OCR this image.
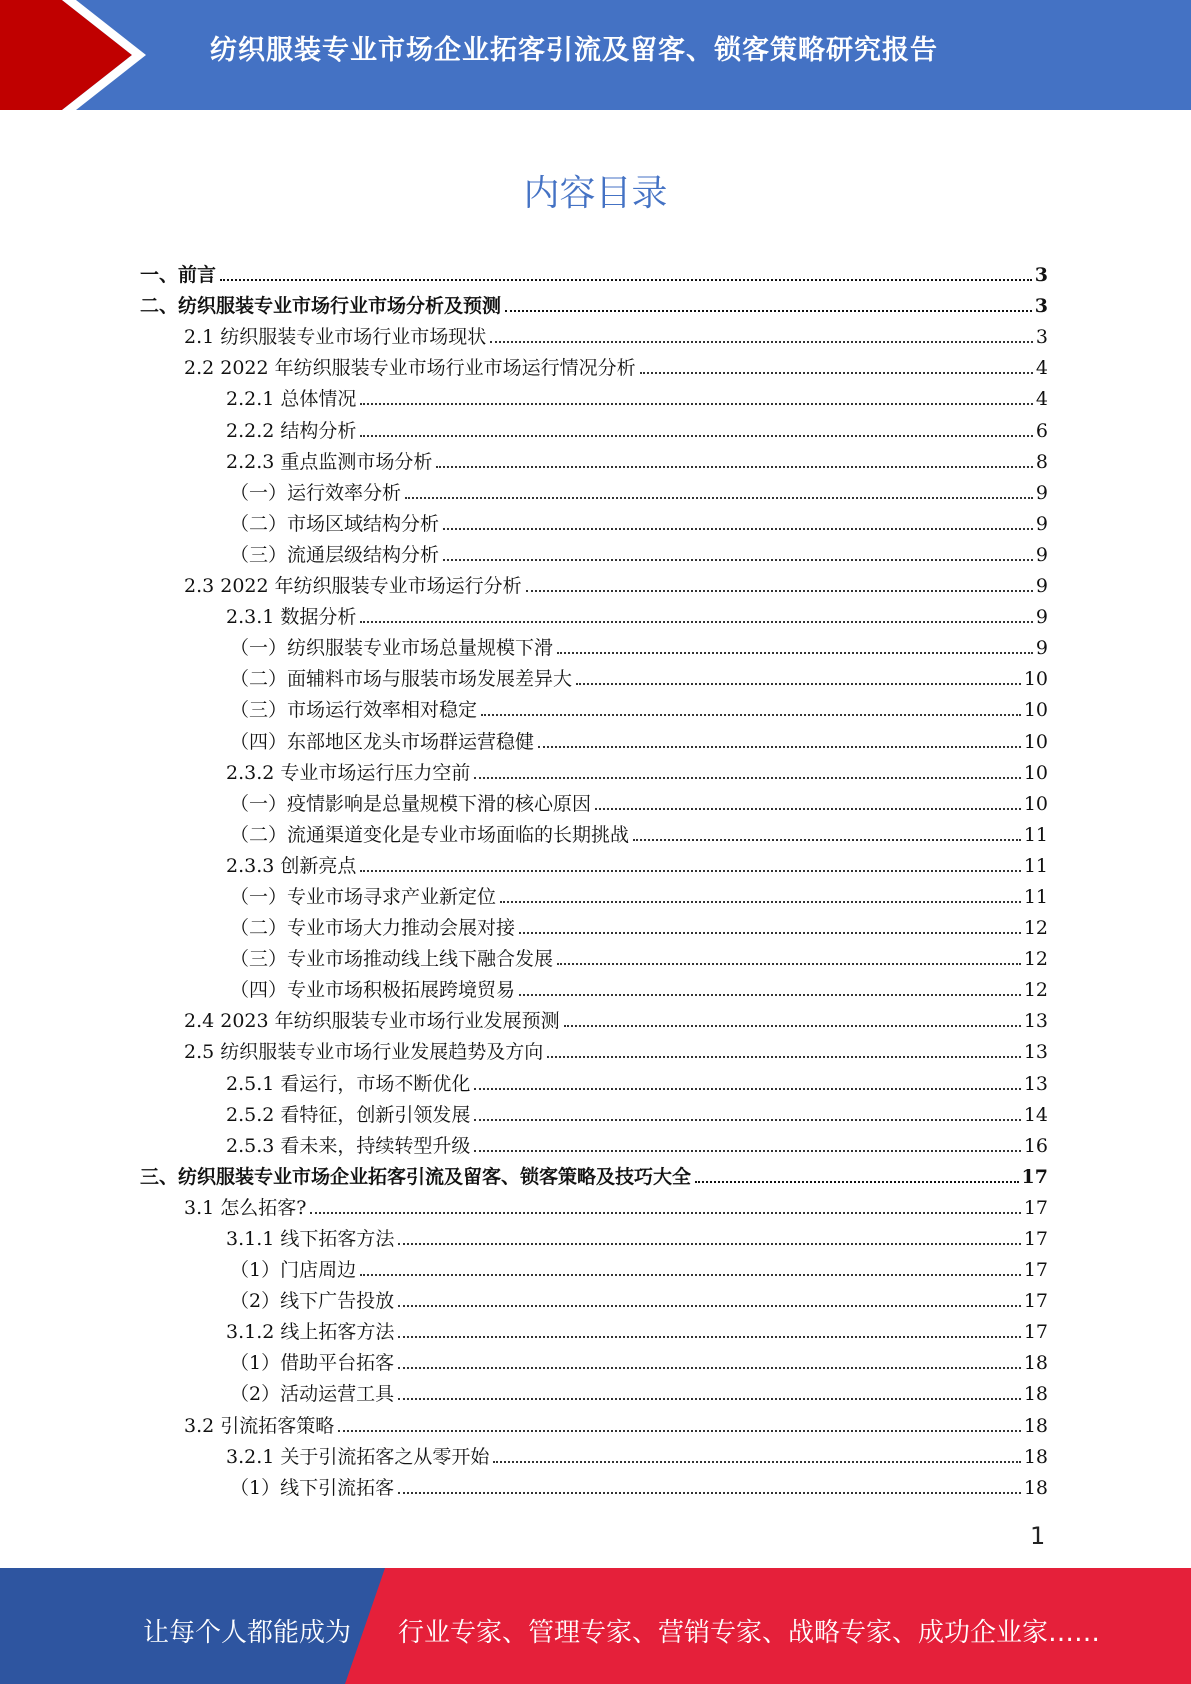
纺织服装专业市场企业拓客引流及留客、锁客策略研究报告
内容目录
一、前言	3
二、纺织服装专业市场行业市场分析及预测	3
2.1 纺织服装专业市场行业市场现状	3
2.2 2022 年纺织服装专业市场行业市场运行情况分析	4
2.2.1 总体情况	4
2.2.2 结构分析	6
2.2.3 重点监测市场分析	8
（一）运行效率分析	9
（二）市场区域结构分析	9
（三）流通层级结构分析	9
2.3 2022 年纺织服装专业市场运行分析	9
2.3.1 数据分析	9
（一）纺织服装专业市场总量规模下滑	9
（二）面辅料市场与服装市场发展差异大	10
（三）市场运行效率相对稳定	10
（四）东部地区龙头市场群运营稳健	10
2.3.2 专业市场运行压力空前	10
（一）疫情影响是总量规模下滑的核心原因	10
（二）流通渠道变化是专业市场面临的长期挑战	11
2.3.3 创新亮点	11
（一）专业市场寻求产业新定位	11
（二）专业市场大力推动会展对接	12
（三）专业市场推动线上线下融合发展	12
（四）专业市场积极拓展跨境贸易	12
2.4 2023 年纺织服装专业市场行业发展预测	13
2.5 纺织服装专业市场行业发展趋势及方向	13
2.5.1 看运行，市场不断优化	13
2.5.2 看特征，创新引领发展	14
2.5.3 看未来，持续转型升级	16
三、纺织服装专业市场企业拓客引流及留客、锁客策略及技巧大全	17
3.1 怎么拓客?	17
3.1.1 线下拓客方法	17
（1）门店周边	17
（2）线下广告投放	17
3.1.2 线上拓客方法	17
（1）借助平台拓客	18
（2）活动运营工具	18
3.2 引流拓客策略	18
3.2.1 关于引流拓客之从零开始	18
（1）线下引流拓客	18
1
让每个人都能成为 行业专家、管理专家、营销专家、战略专家、成功企业家……
